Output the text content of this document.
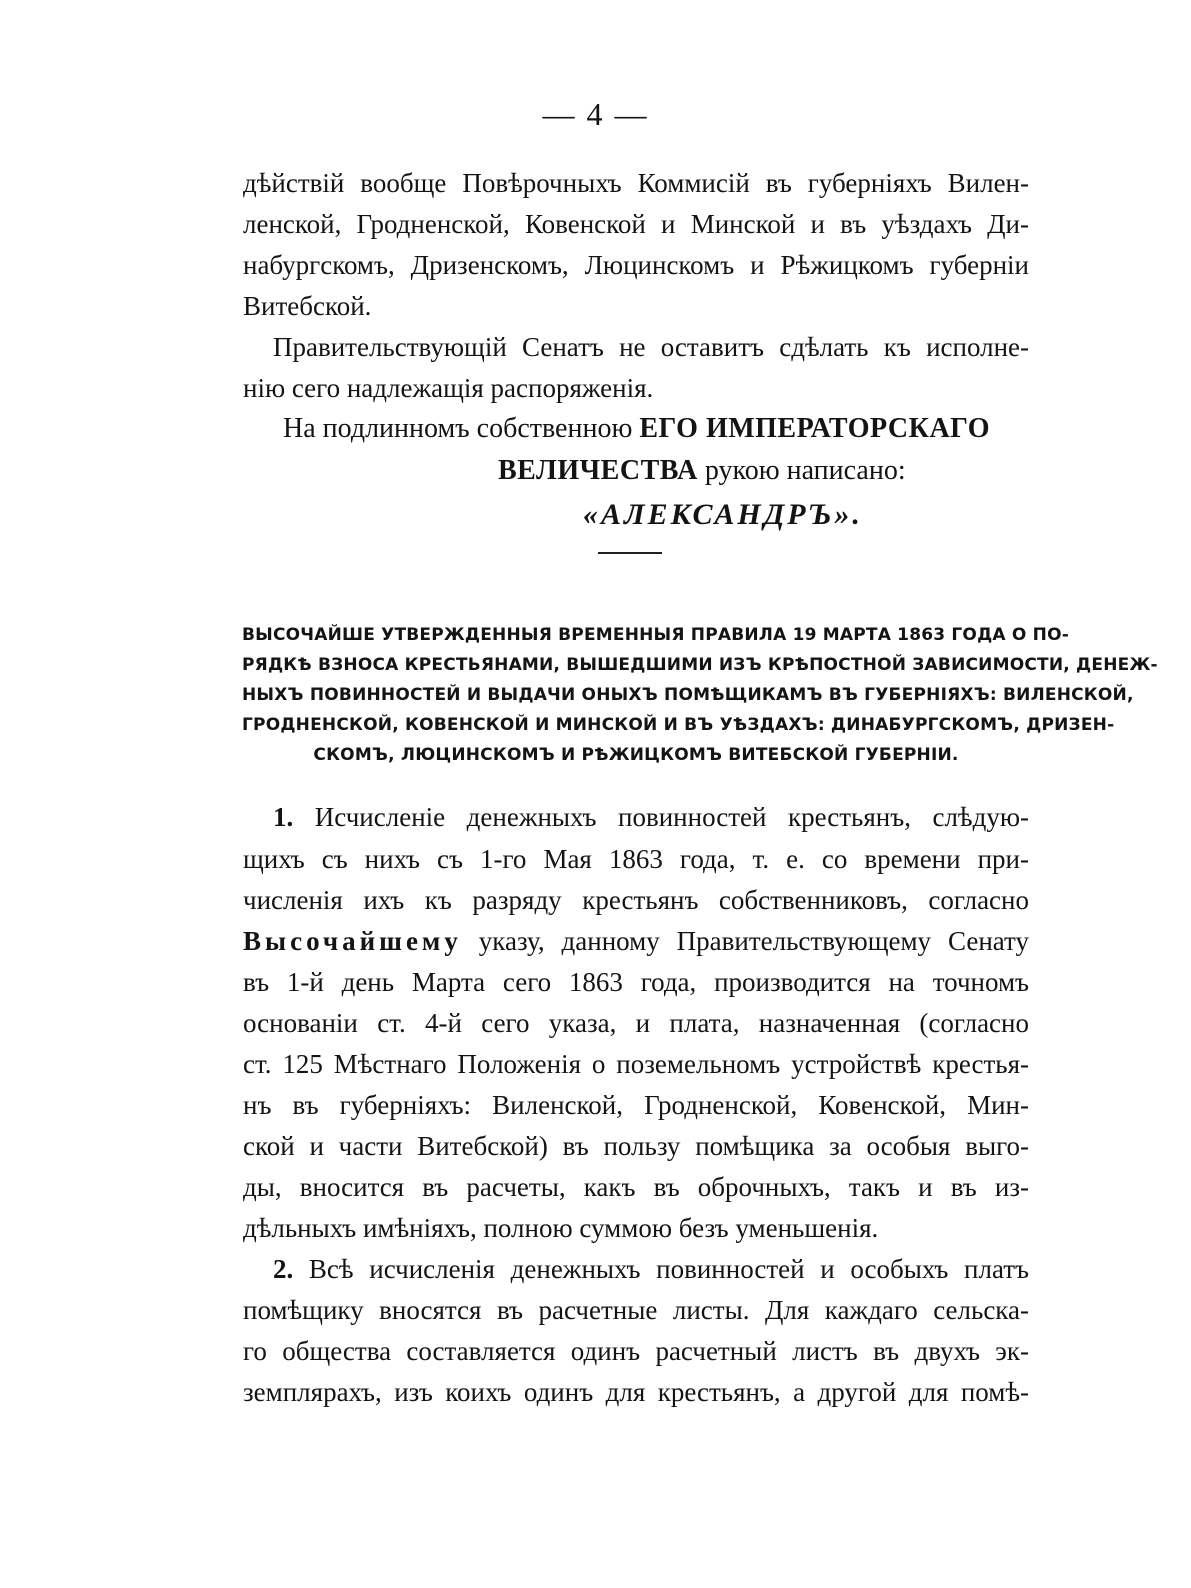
— 4 —
дѣйствій вообще Повѣрочныхъ Коммисій въ губерніяхъ Вилен-
ленской, Гродненской, Ковенской и Минской и въ уѣздахъ Ди-
набургскомъ, Дризенскомъ, Люцинскомъ и Рѣжицкомъ губерніи
Витебской.
Правительствующій Сенатъ не оставитъ сдѣлать къ исполне-
нію сего надлежащія распоряженія.
На подлинномъ собственною ЕГО ИМПЕРАТОРСКАГО
ВЕЛИЧЕСТВА рукою написано:
«АЛЕКСАНДРЪ».
ВЫСОЧАЙШЕ УТВЕРЖДЕННЫЯ ВРЕМЕННЫЯ ПРАВИЛА 19 МАРТА 1863 ГОДА О ПО-
РЯДКѢ ВЗНОСА КРЕСТЬЯНАМИ, ВЫШЕДШИМИ ИЗЪ КРѢПОСТНОЙ ЗАВИСИМОСТИ, ДЕНЕЖ-
НЫХЪ ПОВИННОСТЕЙ И ВЫДАЧИ ОНЫХЪ ПОМѢЩИКАМЪ ВЪ ГУБЕРНІЯХЪ: ВИЛЕНСКОЙ,
ГРОДНЕНСКОЙ, КОВЕНСКОЙ И МИНСКОЙ И ВЪ УѢЗДАХЪ: ДИНАБУРГСКОМЪ, ДРИЗЕН-
СКОМЪ, ЛЮЦИНСКОМЪ И РѢЖИЦКОМЪ ВИТЕБСКОЙ ГУБЕРНІИ.
1. Исчисленіе денежныхъ повинностей крестьянъ, слѣдую-
щихъ съ нихъ съ 1-го Мая 1863 года, т. е. со времени при-
численія ихъ къ разряду крестьянъ собственниковъ, согласно
Высочайшему указу, данному Правительствующему Сенату
въ 1-й день Марта сего 1863 года, производится на точномъ
основаніи ст. 4-й сего указа, и плата, назначенная (согласно
ст. 125 Мѣстнаго Положенія о поземельномъ устройствѣ крестья-
нъ въ губерніяхъ: Виленской, Гродненской, Ковенской, Мин-
ской и части Витебской) въ пользу помѣщика за особыя выго-
ды, вносится въ расчеты, какъ въ оброчныхъ, такъ и въ из-
дѣльныхъ имѣніяхъ, полною суммою безъ уменьшенія.
2. Всѣ исчисленія денежныхъ повинностей и особыхъ платъ
помѣщику вносятся въ расчетные листы. Для каждаго сельска-
го общества составляется одинъ расчетный листъ въ двухъ эк-
земплярахъ, изъ коихъ одинъ для крестьянъ, а другой для помѣ-
